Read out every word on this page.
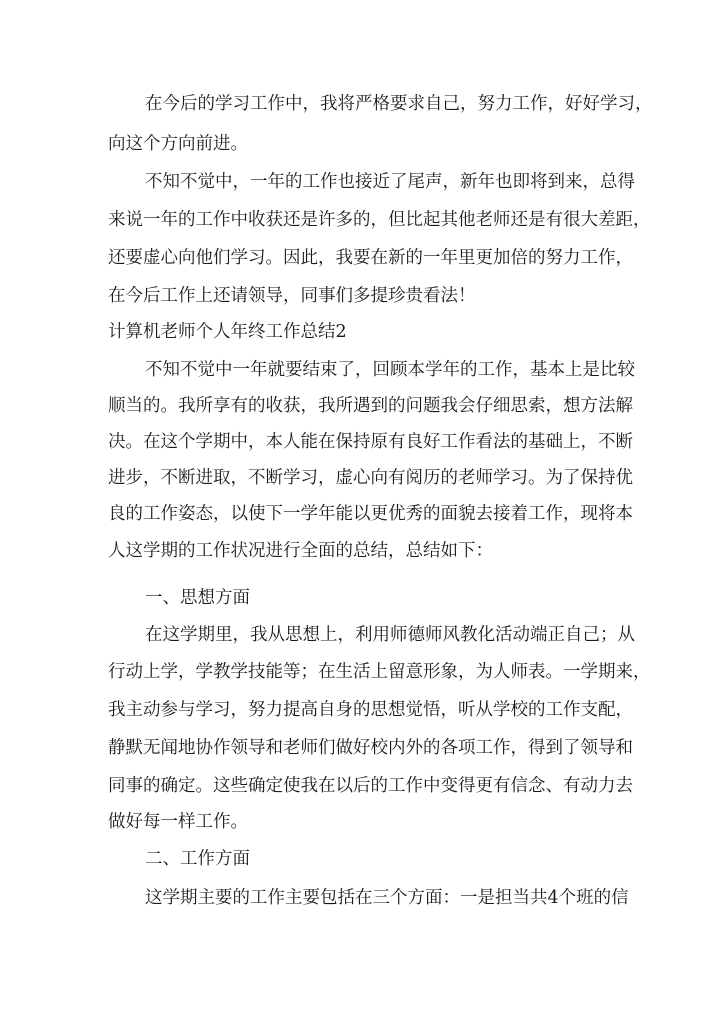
在今后的学习工作中，我将严格要求自己，努力工作，好好学习，
向这个方向前进。
不知不觉中，一年的工作也接近了尾声，新年也即将到来，总得
来说一年的工作中收获还是许多的，但比起其他老师还是有很大差距，
还要虚心向他们学习。因此，我要在新的一年里更加倍的努力工作，
在今后工作上还请领导，同事们多提珍贵看法！
计算机老师个人年终工作总结2
不知不觉中一年就要结束了，回顾本学年的工作，基本上是比较
顺当的。我所享有的收获，我所遇到的问题我会仔细思索，想方法解
决。在这个学期中，本人能在保持原有良好工作看法的基础上，不断
进步，不断进取，不断学习，虚心向有阅历的老师学习。为了保持优
良的工作姿态，以使下一学年能以更优秀的面貌去接着工作，现将本
人这学期的工作状况进行全面的总结，总结如下：
一、思想方面
在这学期里，我从思想上，利用师德师风教化活动端正自己；从
行动上学，学教学技能等；在生活上留意形象，为人师表。一学期来，
我主动参与学习，努力提高自身的思想觉悟，听从学校的工作支配，
静默无闻地协作领导和老师们做好校内外的各项工作，得到了领导和
同事的确定。这些确定使我在以后的工作中变得更有信念、有动力去
做好每一样工作。
二、工作方面
这学期主要的工作主要包括在三个方面：一是担当共4个班的信
